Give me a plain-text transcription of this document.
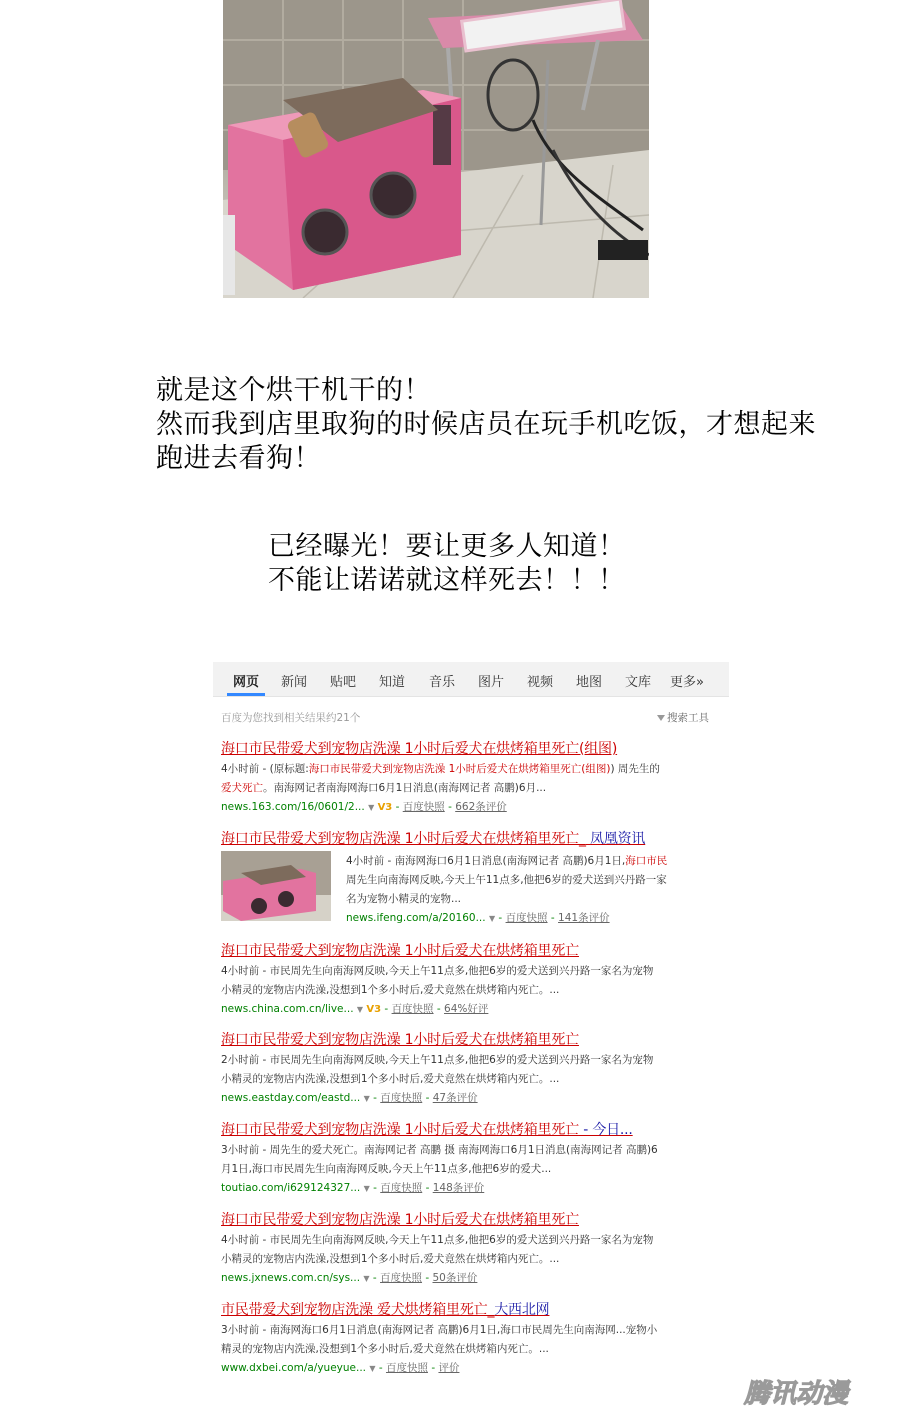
就是这个烘干机干的！
然而我到店里取狗的时候店员在玩手机吃饭，才想起来
跑进去看狗！
已经曝光！要让更多人知道！
不能让诺诺就这样死去！！！
网页 新闻 贴吧 知道 音乐 图片 视频 地图 文库 更多»
百度为您找到相关结果约21个	搜索工具
海口市民带爱犬到宠物店洗澡 1小时后爱犬在烘烤箱里死亡(组图)
4小时前 - (原标题:海口市民带爱犬到宠物店洗澡 1小时后爱犬在烘烤箱里死亡(组图)) 周先生的
爱犬死亡。南海网记者南海网海口6月1日消息(南海网记者 高鹏)6月...
news.163.com/16/0601/2... ▼ V3 - 百度快照 - 662条评价
海口市民带爱犬到宠物店洗澡 1小时后爱犬在烘烤箱里死亡_ 凤凰资讯
4小时前 - 南海网海口6月1日消息(南海网记者 高鹏)6月1日,海口市民
周先生向南海网反映,今天上午11点多,他把6岁的爱犬送到兴丹路一家
名为宠物小精灵的宠物...
news.ifeng.com/a/20160... ▼ - 百度快照 - 141条评价
海口市民带爱犬到宠物店洗澡 1小时后爱犬在烘烤箱里死亡
4小时前 - 市民周先生向南海网反映,今天上午11点多,他把6岁的爱犬送到兴丹路一家名为宠物
小精灵的宠物店内洗澡,没想到1个多小时后,爱犬竟然在烘烤箱内死亡。...
news.china.com.cn/live... ▼ V3 - 百度快照 - 64%好评
海口市民带爱犬到宠物店洗澡 1小时后爱犬在烘烤箱里死亡
2小时前 - 市民周先生向南海网反映,今天上午11点多,他把6岁的爱犬送到兴丹路一家名为宠物
小精灵的宠物店内洗澡,没想到1个多小时后,爱犬竟然在烘烤箱内死亡。...
news.eastday.com/eastd... ▼ - 百度快照 - 47条评价
海口市民带爱犬到宠物店洗澡 1小时后爱犬在烘烤箱里死亡 - 今日...
3小时前 - 周先生的爱犬死亡。南海网记者 高鹏 摄 南海网海口6月1日消息(南海网记者 高鹏)6
月1日,海口市民周先生向南海网反映,今天上午11点多,他把6岁的爱犬...
toutiao.com/i629124327... ▼ - 百度快照 - 148条评价
海口市民带爱犬到宠物店洗澡 1小时后爱犬在烘烤箱里死亡
4小时前 - 市民周先生向南海网反映,今天上午11点多,他把6岁的爱犬送到兴丹路一家名为宠物
小精灵的宠物店内洗澡,没想到1个多小时后,爱犬竟然在烘烤箱内死亡。...
news.jxnews.com.cn/sys... ▼ - 百度快照 - 50条评价
市民带爱犬到宠物店洗澡 爱犬烘烤箱里死亡_大西北网
3小时前 - 南海网海口6月1日消息(南海网记者 高鹏)6月1日,海口市民周先生向南海网...宠物小
精灵的宠物店内洗澡,没想到1个多小时后,爱犬竟然在烘烤箱内死亡。...
www.dxbei.com/a/yueyue... ▼ - 百度快照 - 评价
腾讯动漫
